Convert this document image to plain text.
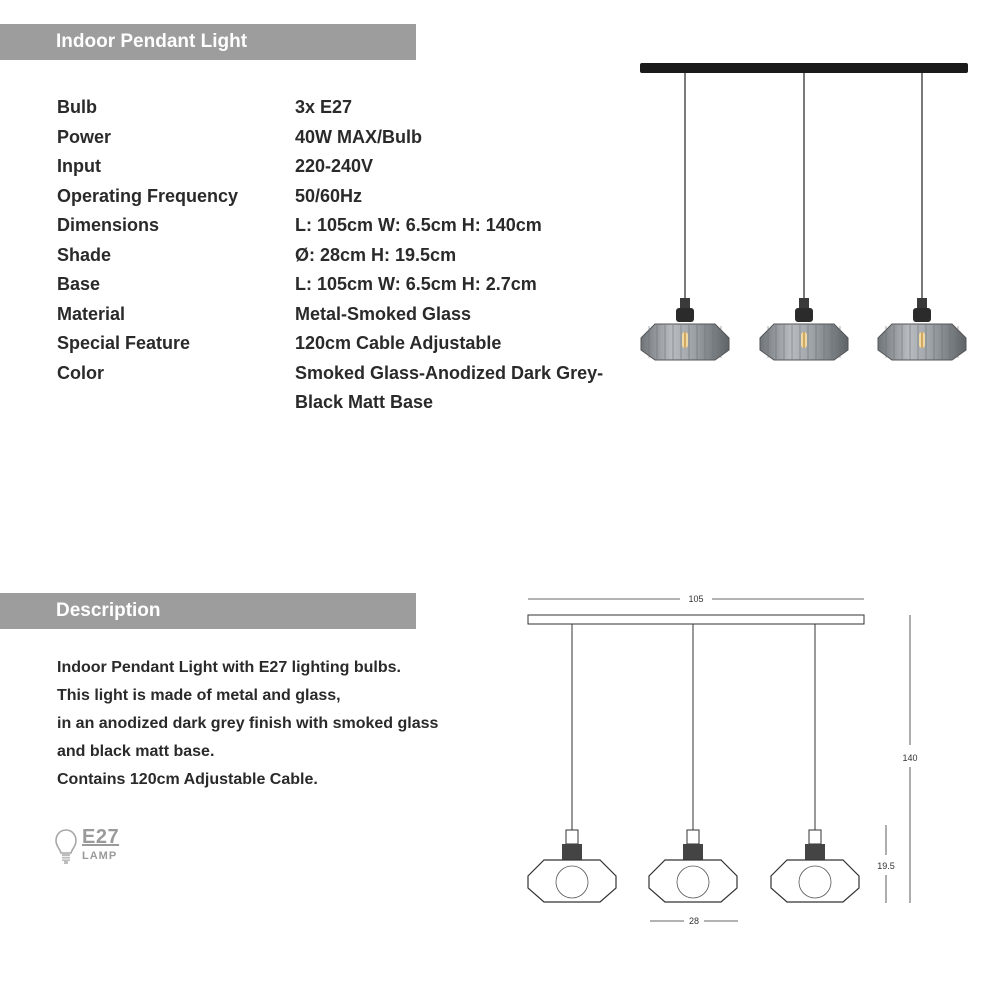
Indoor Pendant Light
Bulb	3x E27
Power	40W MAX/Bulb
Input	220-240V
Operating Frequency	50/60Hz
Dimensions	L: 105cm W: 6.5cm H: 140cm
Shade	Ø: 28cm H: 19.5cm
Base	L: 105cm W: 6.5cm H: 2.7cm
Material	Metal-Smoked Glass
Special Feature	120cm Cable Adjustable
Color	Smoked Glass-Anodized Dark Grey-
Black Matt Base
Description
Indoor Pendant Light with E27 lighting bulbs.
This light is made of metal and glass,
in an anodized dark grey finish with smoked glass
and black matt base.
Contains 120cm Adjustable Cable.
E27
LAMP
105
140
19.5
28
